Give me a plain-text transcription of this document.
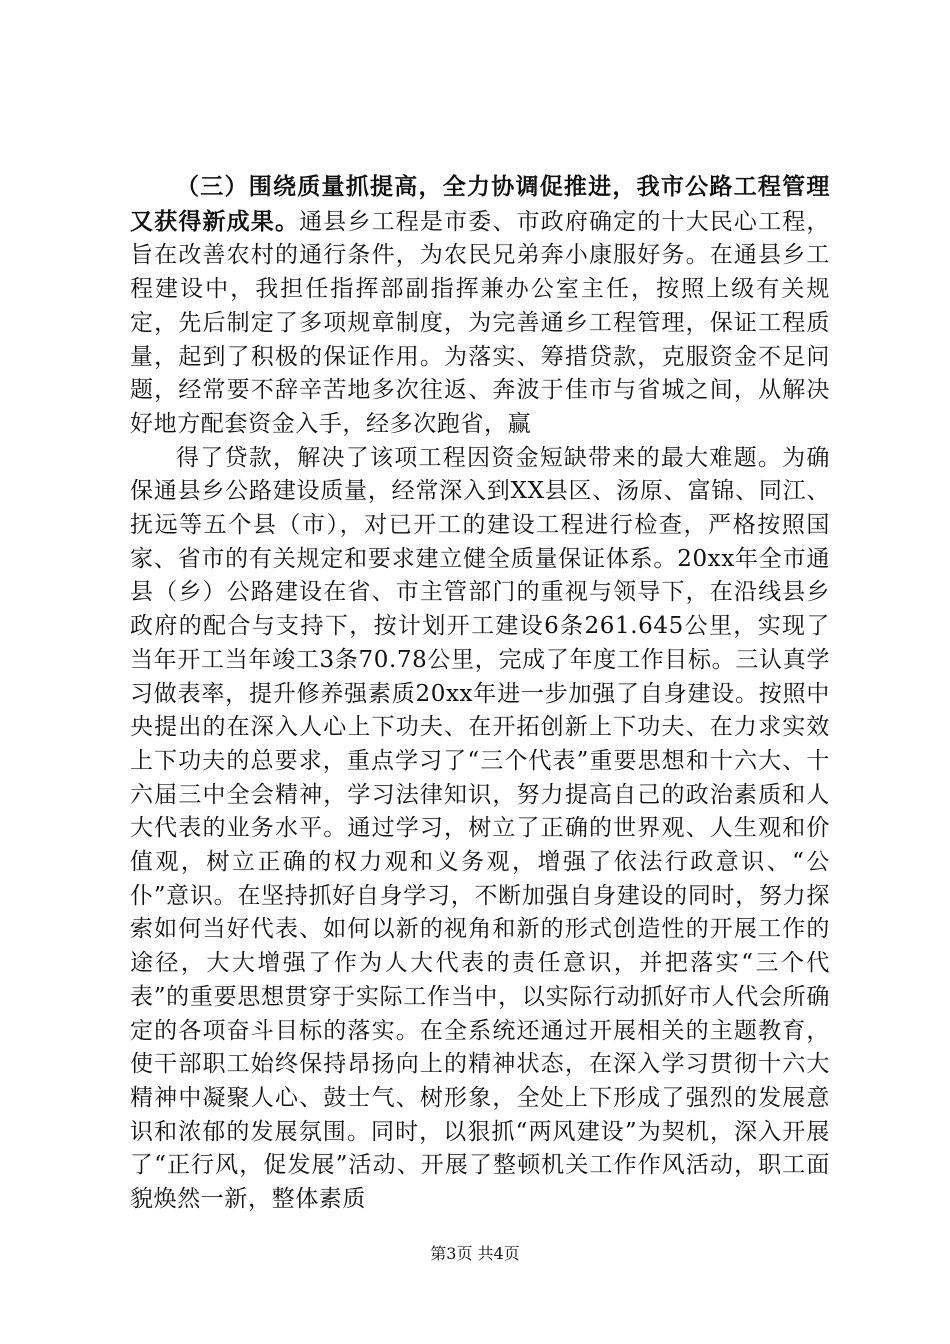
（三）围绕质量抓提高，全力协调促推进，我市公路工程管理又获得新成果。通县乡工程是市委、市政府确定的十大民心工程，旨在改善农村的通行条件，为农民兄弟奔小康服好务。在通县乡工程建设中，我担任指挥部副指挥兼办公室主任，按照上级有关规定，先后制定了多项规章制度，为完善通乡工程管理，保证工程质量，起到了积极的保证作用。为落实、筹措贷款，克服资金不足问题，经常要不辞辛苦地多次往返、奔波于佳市与省城之间，从解决好地方配套资金入手，经多次跑省，赢

得了贷款，解决了该项工程因资金短缺带来的最大难题。为确保通县乡公路建设质量，经常深入到XX县区、汤原、富锦、同江、抚远等五个县（市），对已开工的建设工程进行检查，严格按照国家、省市的有关规定和要求建立健全质量保证体系。20xx年全市通县（乡）公路建设在省、市主管部门的重视与领导下，在沿线县乡政府的配合与支持下，按计划开工建设6条261.645公里，实现了当年开工当年竣工3条70.78公里，完成了年度工作目标。三认真学习做表率，提升修养强素质20xx年进一步加强了自身建设。按照中央提出的在深入人心上下功夫、在开拓创新上下功夫、在力求实效上下功夫的总要求，重点学习了“三个代表”重要思想和十六大、十六届三中全会精神，学习法律知识，努力提高自己的政治素质和人大代表的业务水平。通过学习，树立了正确的世界观、人生观和价值观，树立正确的权力观和义务观，增强了依法行政意识、“公仆”意识。在坚持抓好自身学习，不断加强自身建设的同时，努力探索如何当好代表、如何以新的视角和新的形式创造性的开展工作的途径，大大增强了作为人大代表的责任意识，并把落实“三个代表”的重要思想贯穿于实际工作当中，以实际行动抓好市人代会所确定的各项奋斗目标的落实。在全系统还通过开展相关的主题教育，使干部职工始终保持昂扬向上的精神状态，在深入学习贯彻十六大精神中凝聚人心、鼓士气、树形象，全处上下形成了强烈的发展意识和浓郁的发展氛围。同时，以狠抓“两风建设”为契机，深入开展了“正行风，促发展”活动、开展了整顿机关工作作风活动，职工面貌焕然一新，整体素质

第3页 共4页
